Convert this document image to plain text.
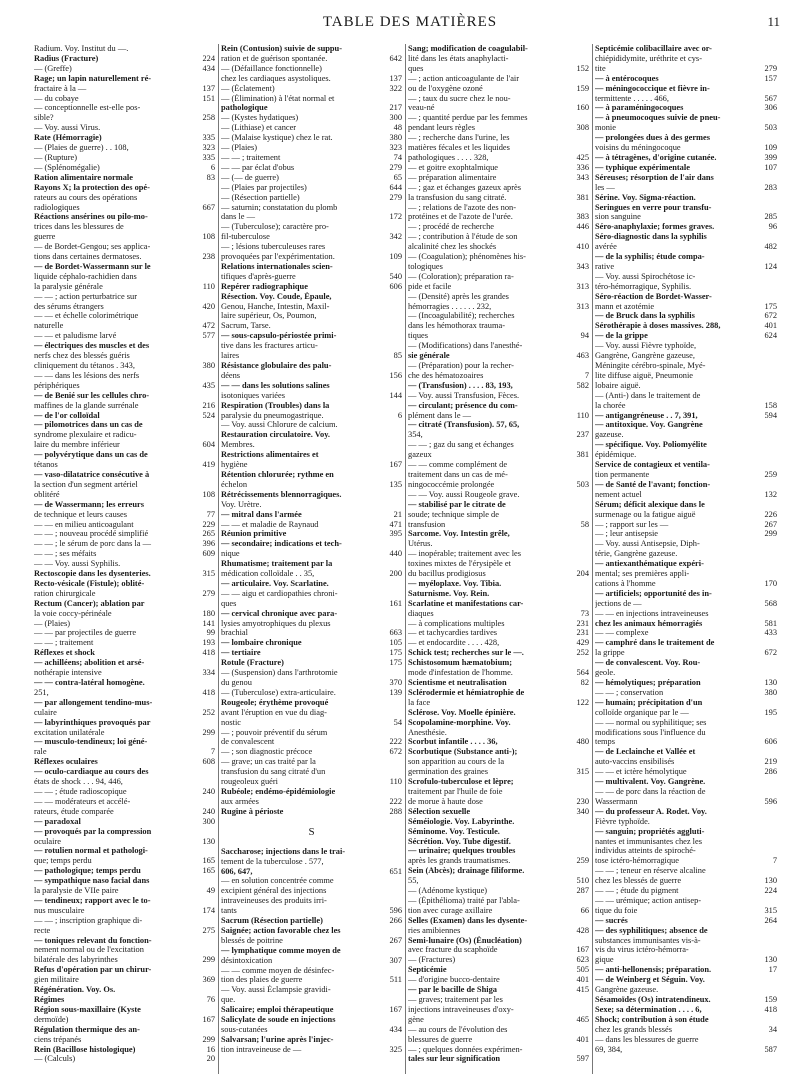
TABLE DES MATIÈRES	11
Radium. Voy. Institut du —.
Radius (Fracture)	224
— (Greffe)	434
Rage; un lapin naturellement ré-
fractaire à la —	137
— du cobaye	151
— conceptionnelle est-elle pos-
sible?	258
— Voy. aussi Virus.
Rate (Hémorragie)	335
— (Plaies de guerre) . . 108,	323
— (Rupture)	335
— (Splénomégalie)	6
Ration alimentaire normale	83
Rayons X; la protection des opé-
rateurs au cours des opérations
radiologiques	667
Réactions ansérines ou pilo-mo-
trices dans les blessures de
guerre	108
— de Bordet-Gengou; ses applica-
tions dans certaines dermatoses.	238
— de Bordet-Wassermann sur le
liquide céphalo-rachidien dans
la paralysie générale	110
— — ; action perturbatrice sur
des sérums étrangers	420
— — et échelle colorimétrique
naturelle	472
— — et paludisme larvé	577
— électriques des muscles et des
nerfs chez des blessés guéris
cliniquement du tétanos . 343,	380
— — dans les lésions des nerfs
périphériques	435
— de Benié sur les cellules chro-
maffines de la glande surrénale	216
— de l'or colloïdal	524
— pilomotrices dans un cas de
syndrome plexulaire et radicu-
laire du membre inférieur	604
— polyvérytique dans un cas de
tétanos	419
— vaso-dilatatrice consécutive à
la section d'un segment artériel
oblitéré	108
— de Wassermann; les erreurs
de technique et leurs causes	77
— — en milieu anticoagulant	229
— — ; nouveau procédé simplifié	265
— — ; le sérum de porc dans la —	396
— — ; ses méfaits	609
— — Voy. aussi Syphilis.
Rectoscopie dans les dysenteries.	315
Recto-vésicale (Fistule); oblité-
ration chirurgicale	279
Rectum (Cancer); ablation par
la voie coccy-périnéale	180
— (Plaies)	141
— — par projectiles de guerre	99
— — ; traitement	193
Réflexes et shock	418
— achilléens; abolition et arsé-
nothérapie intensive	334
— — contra-latéral homogène.
251,	418
— par allongement tendino-mus-
culaire	252
— labyrinthiques provoqués par
excitation unilatérale	299
— musculo-tendineux; loi géné-
rale	7
Réflexes oculaires	608
— oculo-cardiaque au cours des
états de shock . . . 94, 446,
— — ; étude radioscopique	240
— — modérateurs et accélé-
rateurs, étude comparée	240
— paradoxal	300
— provoqués par la compression
oculaire	130
— rotulien normal et pathologi-
que; temps perdu	165
— pathologique; temps perdu	165
— sympathique naso facial dans
la paralysie de VIIe paire	49
— tendineux; rapport avec le to-
nus musculaire	174
— — ; inscription graphique di-
recte	275
— toniques relevant du fonction-
nement normal ou de l'excitation
bilatérale des labyrinthes	299
Refus d'opération par un chirur-
gien militaire	369
Régénération. Voy. Os.
Régimes	76
Région sous-maxillaire (Kyste
dermoïde)	167
Régulation thermique des an-
ciens trépanés	299
Rein (Bacillose histologique)	16
— (Calculs)	20
Rein (Contusion) suivie de suppu-
ration et de guérison spontanée.	642
— (Défaillance fonctionnelle)
chez les cardiaques asystoliques.	137
— (Éclatement)	322
— (Élimination) à l'état normal et
pathologique	217
— (Kystes hydatiques)	300
— (Lithiase) et cancer	48
— (Malaise kystique) chez le rat.	380
— (Plaies)	323
— — ; traitement	74
— — par éclat d'obus	279
— (— de guerre)	65
— (Plaies par projectiles)	644
— (Résection partielle)	279
— saturnin; constatation du plomb
dans le —	172
— (Tuberculose); caractère pro-
fil-tuberculose	342
— ; lésions tuberculeuses rares
provoquées par l'expérimentation.	109
Relations internationales scien-
tifiques d'après-guerre	540
Repérer radiographique	606
Résection. Voy. Coude, Épaule,
Genou, Hanche, Intestin, Maxil-
laire supérieur, Os, Poumon,
Sacrum, Tarse.
— sous-capsulo-périostée primi-
tive dans les fractures articu-
laires	85
Résistance globulaire des palu-
déens	156
— — dans les solutions salines
isotoniques variées	144
Respiration (Troubles) dans la
paralysie du pneumogastrique.	6
— Voy. aussi Chlorure de calcium.
Restauration circulatoire. Voy.
Membres.
Restrictions alimentaires et
hygiène	167
Rétention chlorurée; rythme en
échelon	135
Rétrécissements blennorragiques.
Voy. Urètre.
— mitral dans l'armée	21
— — et maladie de Raynaud	471
Réunion primitive	395
— secondaire; indications et tech-
nique	440
Rhumatisme; traitement par la
médication colloïdale . . 35,	200
— articulaire. Voy. Scarlatine.
— — aigu et cardiopathies chroni-
ques	161
— cervical chronique avec para-
lysies amyotrophiques du plexus
brachial	663
— lombaire chronique	105
— tertiaire	175
Rotule (Fracture)	175
— (Suspension) dans l'arthrotomie
du genou	370
— (Tuberculose) extra-articulaire.	139
Rougeole; érythème provoqué
avant l'éruption en vue du diag-
nostic	54
— ; pouvoir préventif du sérum
de convalescent	222
— ; son diagnostic précoce	672
— grave; un cas traité par la
transfusion du sang citraté d'un
rougeoleux guéri	110
Rubéole; endémo-épidémiologie
aux armées	222
Rugine à périoste	288
S
Saccharose; injections dans le trai-
tement de la tuberculose . 577,
606, 647,	651
— en solution concentrée comme
excipient général des injections
intraveineuses des produits irri-
tants	596
Sacrum (Résection partielle)	266
Saignée; action favorable chez les
blessés de poitrine	267
— lymphatique comme moyen de
désintoxication	307
— — comme moyen de désinfec-
tion des plaies de guerre	511
— Voy. aussi Éclampsie gravidi-
que.
Salicaire; emploi thérapeutique	167
Salicylate de soude en injections
sous-cutanées	434
Salvarsan; l'urine après l'injec-
tion intraveineuse de —	325
Sang; modification de coagulabil-
lité dans les états anaphylacti-
ques	152
— ; action anticoagulante de l'air
ou de l'oxygène ozoné	159
— ; taux du sucre chez le nou-
veau-né	160
— ; quantité perdue par les femmes
pendant leurs règles	308
— ; recherche dans l'urine, les
matières fécales et les liquides
pathologiques . . . . 328,	425
— et goitre exophtalmique	336
— préparation alimentaire	343
— ; gaz et échanges gazeux après
la transfusion du sang citraté.	381
— ; relations de l'azote des non-
protéines et de l'azote de l'urée.	383
— ; procédé de recherche	446
— ; contribution à l'étude de son
alcalinité chez les shockés	410
— (Coagulation); phénomènes his-
tologiques	343
— (Coloration); préparation ra-
pide et facile	313
— (Densité) après les grandes
hémorragies . . . . . . 232,	313
— (Incoagulabilité); recherches
dans les hémothorax trauma-
tiques	94
— (Modifications) dans l'anesthé-
sie générale	463
— (Préparation) pour la recher-
che des hématozoaires	7
— (Transfusion) . . . . 83, 193,	582
— Voy. aussi Transfusion, Fèces.
— circulant; présence du com-
plément dans le —	110
— citraté (Transfusion). 57, 65,
354,	237
— — ; gaz du sang et échanges
gazeux	381
— — comme complément de
traitement dans un cas de mé-
ningococcémie prolongée	503
— — Voy. aussi Rougeole grave.
— stabilisé par le citrate de
soude; technique simple de
transfusion	58
Sarcome. Voy. Intestin grêle,
Utérus.
— inopérable; traitement avec les
toxines mixtes de l'érysipèle et
du bacillus prodigiosus	204
— myéloplaxe. Voy. Tibia.
Saturnisme. Voy. Rein.
Scarlatine et manifestations car-
diaques	73
— à complications multiples	231
— et tachycardies tardives	231
— et endocardite . . . . 428,	429
Schick test; recherches sur le —.	252
Schistosomum hæmatobium;
mode d'infestation de l'homme.	564
Scientisme et neutralisation	82
Sclérodermie et hémiatrophie de
la face	122
Sclérose. Voy. Moelle épinière.
Scopolamine-morphine. Voy.
Anesthésie.
Scorbut infantile . . . . 36,	480
Scorbutique (Substance anti-);
son apparition au cours de la
germination des graines	315
Scrofulo-tuberculose et lèpre;
traitement par l'huile de foie
de morue à haute dose	230
Sélection sexuelle	340
Séméiologie. Voy. Labyrinthe.
Séminome. Voy. Testicule.
Sécrétion. Voy. Tube digestif.
— urinaire; quelques troubles
après les grands traumatismes.	259
Sein (Abcès); drainage filiforme.
55,	510
— (Adénome kystique)	287
— (Épithélioma) traité par l'abla-
tion avec curage axillaire	66
Selles (Examen) dans les dysente-
ries amibiennes	428
Semi-lunaire (Os) (Énucléation)
avec fracture du scaphoïde	167
— (Fractures)	623
Septicémie	505
— d'origine bucco-dentaire	401
— par le bacille de Shiga	415
— graves; traitement par les
injections intraveineuses d'oxy-
gène	465
— au cours de l'évolution des
blessures de guerre	401
— ; quelques données expérimen-
tales sur leur signification	597
Septicémie colibacillaire avec or-
chiépididymite, uréthrite et cys-
tite	279
— à entérocoques	157
— méningococcique et fièvre in-
termittente . . . . . 466,	567
— à paraméningocoques	306
— à pneumocoques suivie de pneu-
monie	503
— prolongées dues à des germes
voisins du méningocoque	109
— à tétragènes, d'origine cutanée.	399
— typhique expérimentale	107
Séreuses; résorption de l'air dans
les —	283
Sérine. Voy. Sigma-réaction.
Seringues en verre pour transfu-
sion sanguine	285
Séro-anaphylaxie; formes graves.	96
Séro-diagnostic dans la syphilis
avérée	482
— de la syphilis; étude compa-
rative	124
— Voy. aussi Spirochétose ic-
téro-hémorragique, Syphilis.
Séro-réaction de Bordet-Wasser-
mann et azotémie	175
— de Bruck dans la syphilis	672
Sérothérapie à doses massives. 288,	401
— de la grippe	624
— Voy. aussi Fièvre typhoïde,
Gangrène, Gangrène gazeuse,
Méningite cérébro-spinale, Myé-
lite diffuse aiguë, Pneumonie
lobaire aiguë.
— (Anti-) dans le traitement de
la chorée	158
— antigangréneuse . . 7, 391,	594
— antitoxique. Voy. Gangrène
gazeuse.
— spécifique. Voy. Poliomyélite
épidémique.
Service de contagieux et ventila-
tion permanente	259
— de Santé de l'avant; fonction-
nement actuel	132
Sérum; déficit alexique dans le
surmenage ou la fatigue aiguë	226
— ; rapport sur les —	267
— ; leur antisepsie	299
— Voy. aussi Antisepsie, Diph-
térie, Gangrène gazeuse.
— antiexanthématique expéri-
mental; ses premières appli-
cations à l'homme	170
— artificiels; opportunité des in-
jections de —	568
— — en injections intraveineuses
chez les animaux hémorragiés	581
— — complexe	433
— camphré dans le traitement de
la grippe	672
— de convalescent. Voy. Rou-
geole.
— hémolytiques; préparation	130
— — ; conservation	380
— humain; précipitation d'un
colloïde organique par le —	195
— — normal ou syphilitique; ses
modifications sous l'influence du
temps	606
— de Leclainche et Vallée et
auto-vaccins ensibilisés	219
— — et ictère hémolytique	286
— multivalent. Voy. Gangrène.
— — de porc dans la réaction de
Wassermann	596
— du professeur A. Rodet. Voy.
Fièvre typhoïde.
— sanguin; propriétés aggluti-
nantes et immunisantes chez les
individus atteints de spiroché-
tose ictéro-hémorragique	7
— — ; teneur en réserve alcaline
chez les blessés de guerre	130
— — ; étude du pigment	224
— — urémique; action antisep-
tique du foie	315
— sucrés	264
— des syphilitiques; absence de
substances immunisantes vis-à-
vis du virus ictéro-hémorra-
gique	130
— anti-hellonensis; préparation.	17
— de Weinberg et Séguin. Voy.
Gangrène gazeuse.
Sésamoïdes (Os) intratendineux.	159
Sexe; sa détermination . . . . 6,	418
Shock; contribution à son étude
chez les grands blessés	34
— dans les blessures de guerre
69, 384,	587
